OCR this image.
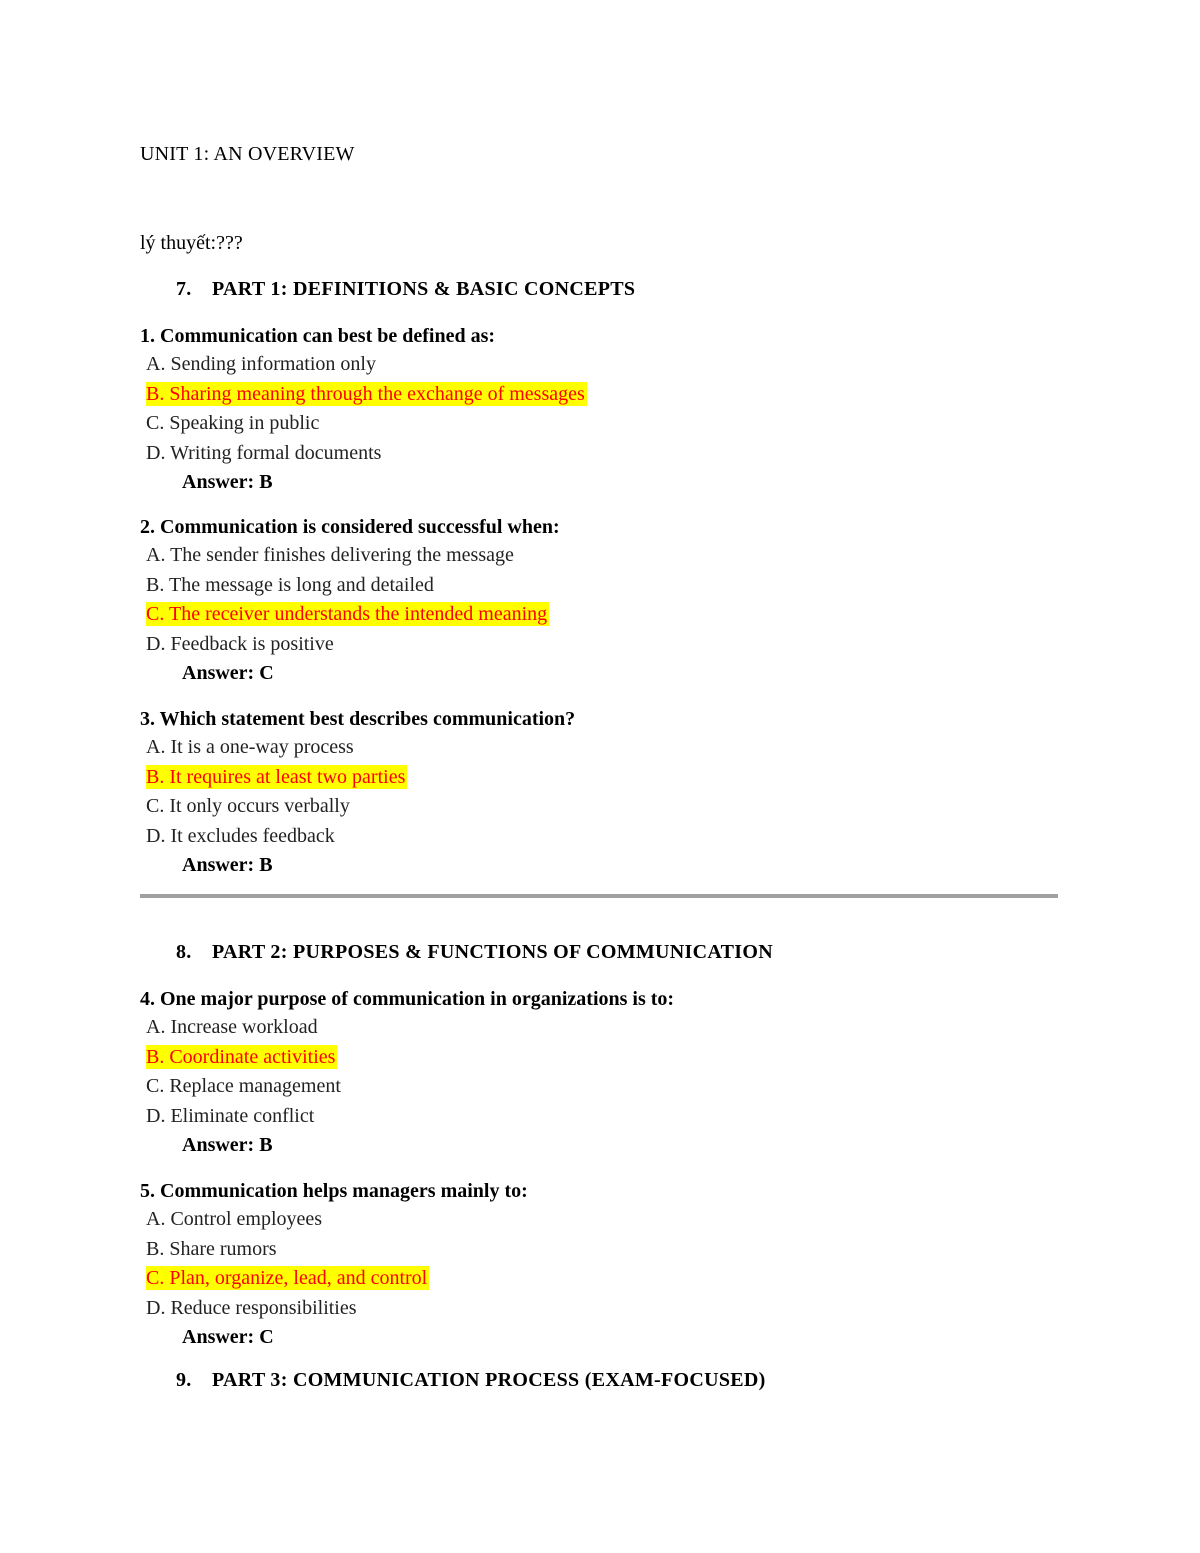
UNIT 1: AN OVERVIEW
lý thuyết:???
7. PART 1: DEFINITIONS & BASIC CONCEPTS
1. Communication can best be defined as:
A. Sending information only
B. Sharing meaning through the exchange of messages
C. Speaking in public
D. Writing formal documents
Answer: B
2. Communication is considered successful when:
A. The sender finishes delivering the message
B. The message is long and detailed
C. The receiver understands the intended meaning
D. Feedback is positive
Answer: C
3. Which statement best describes communication?
A. It is a one-way process
B. It requires at least two parties
C. It only occurs verbally
D. It excludes feedback
Answer: B
8. PART 2: PURPOSES & FUNCTIONS OF COMMUNICATION
4. One major purpose of communication in organizations is to:
A. Increase workload
B. Coordinate activities
C. Replace management
D. Eliminate conflict
Answer: B
5. Communication helps managers mainly to:
A. Control employees
B. Share rumors
C. Plan, organize, lead, and control
D. Reduce responsibilities
Answer: C
9. PART 3: COMMUNICATION PROCESS (EXAM-FOCUSED)
